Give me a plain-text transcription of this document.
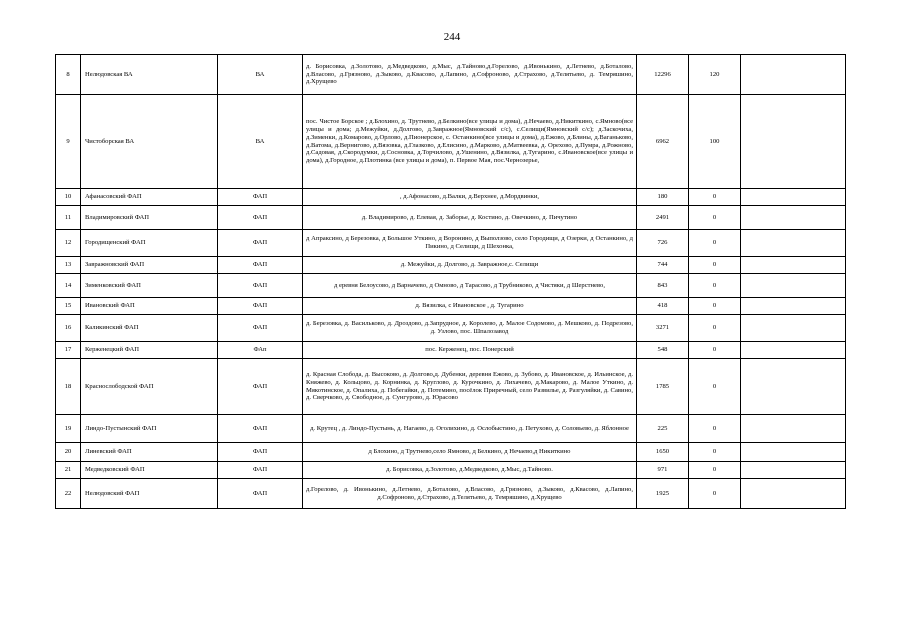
244
8	Нелюдовская ВА	ВА	д. Борисовка, д.Золотово, д.Медведково, д.Мыс, д.Тайново,д.Горелово, д.Ивонькино, д.Летнево, д.Боталово, д.Власово, д.Грязново, д.Зыково, д.Квасово, д.Лапино, д.Софроново, д.Страхово, д.Телятьево, д. Темряшино, д.Хрущево	12296	120	
9	Чистоборская ВА	ВА	пос. Чистое Борское ; д.Блохино, д. Трутнево, д.Белкино(все улицы и дома), д.Нечаево, д.Никиткино, с.Ямново(все улицы и дома; д.Межуйки, д.Долгово, д.Завражное(Ямновский с/с), с.Селищи(Ямновский с/с); д.Заскочиха, д.Зименки, д.Комарово, д.Орлово, д.Пионерское, с. Останкино(все улицы и дома), д.Ежово, д.Блины, д.Ваганьково, д.Ватома, д.Вернигово, д.Вязовка, д.Глазково, д.Елисино, д.Марково, д.Матвеевка, д. Орехово, д.Пумра, д.Рожново, д.Садовая, д.Скородумки, д.Сосновка, д.Торчилово, д.Ушенино, д.Вязилка, д.Тугарино, с.Ивановское(все улицы и дома), д.Городное, д.Плотинка (все улицы и дома), п. Первое Мая, пос.Чернозерье,	6962	100	
10	Афанасовский ФАП	ФАП	, д.Афонасово, д.Валки, д.Верхнее, д.Мордвинки,	180	0	
11	Владимировский ФАП	ФАП	д. Владимирово, д. Елевая, д. Заборье, д. Костино, д. Овечкино, д. Пичутино	2491	0	
12	Городищенский ФАП	ФАП	д Апраксино, д Березовка, д Большое Уткино, д Воронино, д Выползово, село Городищи, д Озерки, д Останкино, д Пикино, д Селищи, д Шехонка,	726	0	
13	Завражновский ФАП	ФАП	д. Межуйки, д. Долгово, д. Завражное,с. Селищи	744	0	
14	Зименковский ФАП	ФАП	д еревня Белоусово, д Варначево, д Омново, д Тарасово, д Трубниково, д Чистяки, д Шерстнево,	843	0	
15	Ивановский ФАП	ФАП	д. Вязилка, с Ивановское , д. Тугарино	418	0	
16	Каликинский ФАП	ФАП	д. Березовка, д. Васильково, д. Дроздово, д.Запрудное, д. Королево, д. Малое Содомово, д. Мешково, д. Подрезово, д. Узлово, пос. Шпалозавод	3271	0	
17	Керженецкий ФАП	ФАп	пос. Керженец, пос. Понерский	548	0	
18	Краснослободской ФАП	ФАП	д. Красная Слобода, д. Высоково, д. Долгово,д. Дубенки, деревня Ежово, д. Зубово, д. Ивановское, д. Ильинское, д. Княжево, д. Кольцово, д. Корнинка, д. Круглово, д. Курочкино, д. Лихачево, д.Макарово, д. Малое Уткино, д. Мякотинское, д. Опалиха, д. Побегайки, д. Потемино, посёлок Приречный, село Развилье, д. Разгуляйки, д. Савино, д. Сверчково, д. Свободное, д. Сунгурово, д. Юрасово	1785	0	
19	Линдо-Пустынский ФАП	ФАП	д. Крутец , д. Линдо-Пустынь, д. Нагаево, д. Оголихино, д. Ослобыстино, д. Петухово, д. Соловьево, д. Яблонное	225	0	
20	Линевский ФАП	ФАП	д Блохино, д Трутнево,село Ямново, д Белкино, д Нечаево,д Никиткино	1650	0	
21	Медведковский ФАП	ФАП	д. Борисовка, д.Золотово, д.Медведково, д.Мыс, д.Тайново.	971	0	
22	Нелюдовский ФАП	ФАП	д.Горелово, д. Ивонькино, д.Летнево, д.Боталово, д.Власово, д.Грязново, д.Зыково, д.Квасово, д.Лапино, д.Софроново, д.Страхово, д.Телятьево, д. Темряшино, д.Хрущево	1925	0	
